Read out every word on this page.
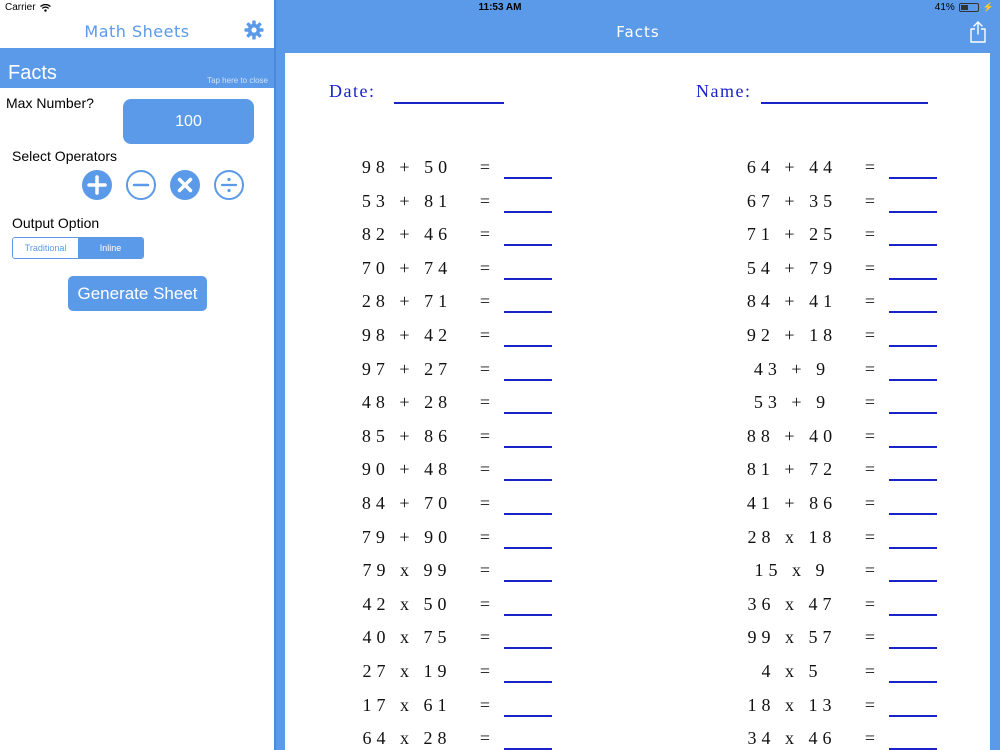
Carrier	11:53 AM	41%	⚡
Math Sheets
Facts	Tap here to close
Max Number?
100
Select Operators
Output Option
Traditional	Inline
Generate Sheet
Facts
Date:	Name:
98 + 50	=
53 + 81	=
82 + 46	=
70 + 74	=
28 + 71	=
98 + 42	=
97 + 27	=
48 + 28	=
85 + 86	=
90 + 48	=
84 + 70	=
79 + 90	=
79 x 99	=
42 x 50	=
40 x 75	=
27 x 19	=
17 x 61	=
64 x 28	=
64 + 44	=
67 + 35	=
71 + 25	=
54 + 79	=
84 + 41	=
92 + 18	=
43 + 9	=
53 + 9	=
88 + 40	=
81 + 72	=
41 + 86	=
28 x 18	=
15 x 9	=
36 x 47	=
99 x 57	=
4 x 5	=
18 x 13	=
34 x 46	=
